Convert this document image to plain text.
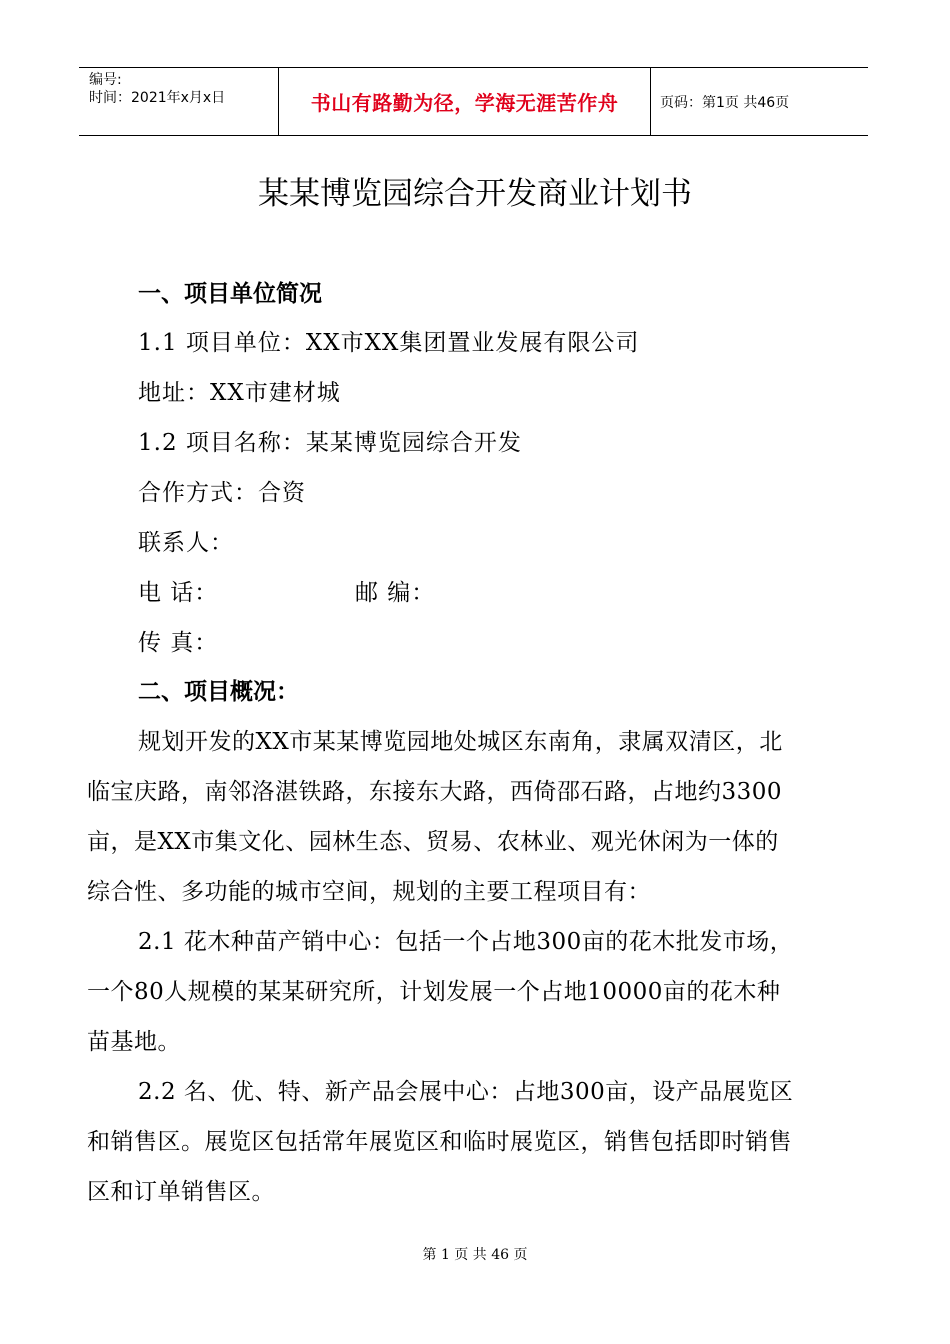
编号:
时间：2021年x月x日	书山有路勤为径，学海无涯苦作舟	页码：第1页 共46页
某某博览园综合开发商业计划书
一、项目单位简况
1.1 项目单位：XX市XX集团置业发展有限公司
地址：XX市建材城
1.2 项目名称：某某博览园综合开发
合作方式：合资
联系人：
电 话：	邮 编：
传 真：
二、项目概况：
规划开发的XX市某某博览园地处城区东南角，隶属双清区，北
临宝庆路，南邻洛湛铁路，东接东大路，西倚邵石路，占地约3300
亩，是XX市集文化、园林生态、贸易、农林业、观光休闲为一体的
综合性、多功能的城市空间，规划的主要工程项目有：
2.1 花木种苗产销中心：包括一个占地300亩的花木批发市场，
一个80人规模的某某研究所，计划发展一个占地10000亩的花木种
苗基地。
2.2 名、优、特、新产品会展中心：占地300亩，设产品展览区
和销售区。展览区包括常年展览区和临时展览区，销售包括即时销售
区和订单销售区。
第 1 页 共 46 页
